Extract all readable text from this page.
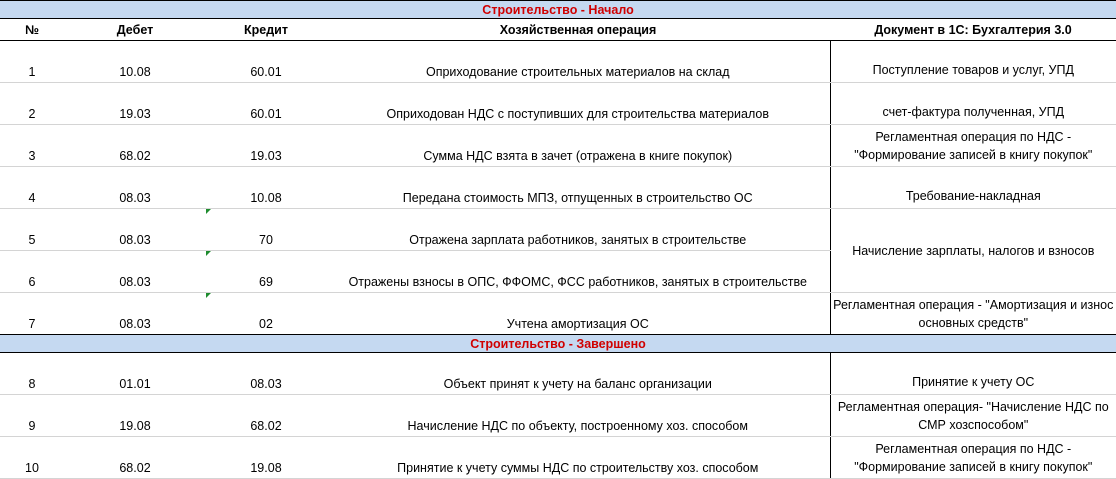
Строительство - Начало				
№	Дебет	Кредит	Хозяйственная операция	Документ в 1С: Бухгалтерия 3.0
1	10.08	60.01	Оприходование строительных материалов на склад	Поступление товаров и услуг, УПД
2	19.03	60.01	Оприходован НДС с поступивших для строительства материалов	счет-фактура полученная, УПД
3	68.02	19.03	Сумма НДС взята в зачет (отражена в книге покупок)	Регламентная операция по НДС - "Формирование записей в книгу покупок"
4	08.03	10.08	Передана стоимость МПЗ, отпущенных в строительство ОС	Требование-накладная
5	08.03	70	Отражена зарплата работников, занятых в строительстве	Начисление зарплаты, налогов и взносов
6	08.03	69	Отражены взносы в ОПС, ФФОМС, ФСС работников, занятых в строительстве	
7	08.03	02	Учтена амортизация ОС	Регламентная операция - "Амортизация и износ основных средств"
Строительство - Завершено				
8	01.01	08.03	Объект принят к учету на баланс организации	Принятие к учету ОС
9	19.08	68.02	Начисление НДС по объекту, построенному хоз. способом	Регламентная операция- "Начисление НДС по СМР хозспособом"
10	68.02	19.08	Принятие к учету суммы НДС по строительству хоз. способом	Регламентная операция по НДС - "Формирование записей в книгу покупок"
